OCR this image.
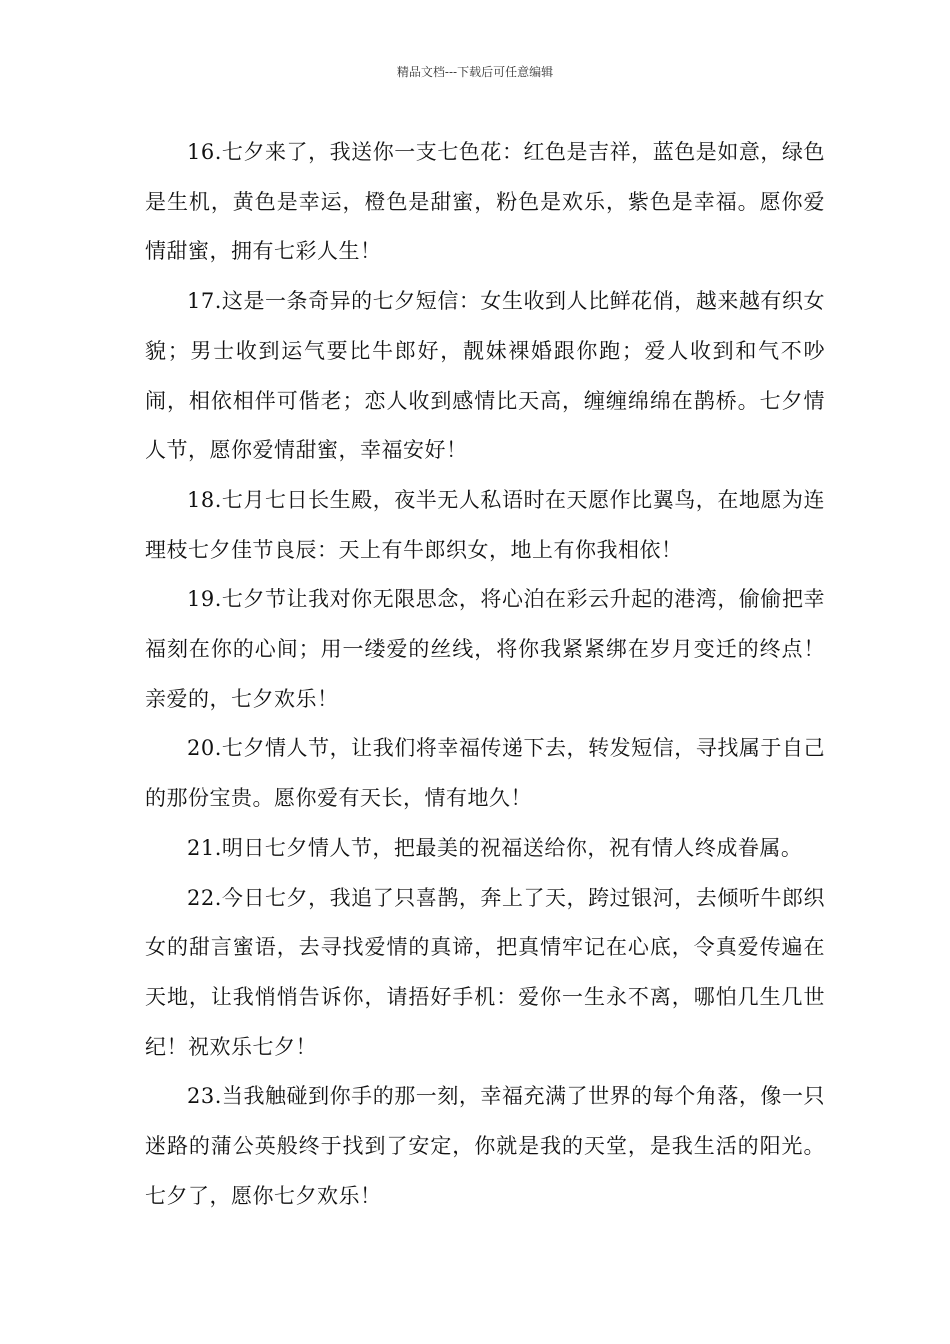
精品文档---下载后可任意编辑

16.七夕来了，我送你一支七色花：红色是吉祥，蓝色是如意，绿色是生机，黄色是幸运，橙色是甜蜜，粉色是欢乐，紫色是幸福。愿你爱情甜蜜，拥有七彩人生！

17.这是一条奇异的七夕短信：女生收到人比鲜花俏，越来越有织女貌；男士收到运气要比牛郎好，靓妹裸婚跟你跑；爱人收到和气不吵闹，相依相伴可偕老；恋人收到感情比天高，缠缠绵绵在鹊桥。七夕情人节，愿你爱情甜蜜，幸福安好！

18.七月七日长生殿，夜半无人私语时在天愿作比翼鸟，在地愿为连理枝七夕佳节良辰：天上有牛郎织女，地上有你我相依！

19.七夕节让我对你无限思念，将心泊在彩云升起的港湾，偷偷把幸福刻在你的心间；用一缕爱的丝线，将你我紧紧绑在岁月变迁的终点！亲爱的，七夕欢乐！

20.七夕情人节，让我们将幸福传递下去，转发短信，寻找属于自己的那份宝贵。愿你爱有天长，情有地久！

21.明日七夕情人节，把最美的祝福送给你，祝有情人终成眷属。

22.今日七夕，我追了只喜鹊，奔上了天，跨过银河，去倾听牛郎织女的甜言蜜语，去寻找爱情的真谛，把真情牢记在心底，令真爱传遍在天地，让我悄悄告诉你，请捂好手机：爱你一生永不离，哪怕几生几世纪！祝欢乐七夕！

23.当我触碰到你手的那一刻，幸福充满了世界的每个角落，像一只迷路的蒲公英般终于找到了安定，你就是我的天堂，是我生活的阳光。七夕了，愿你七夕欢乐！
